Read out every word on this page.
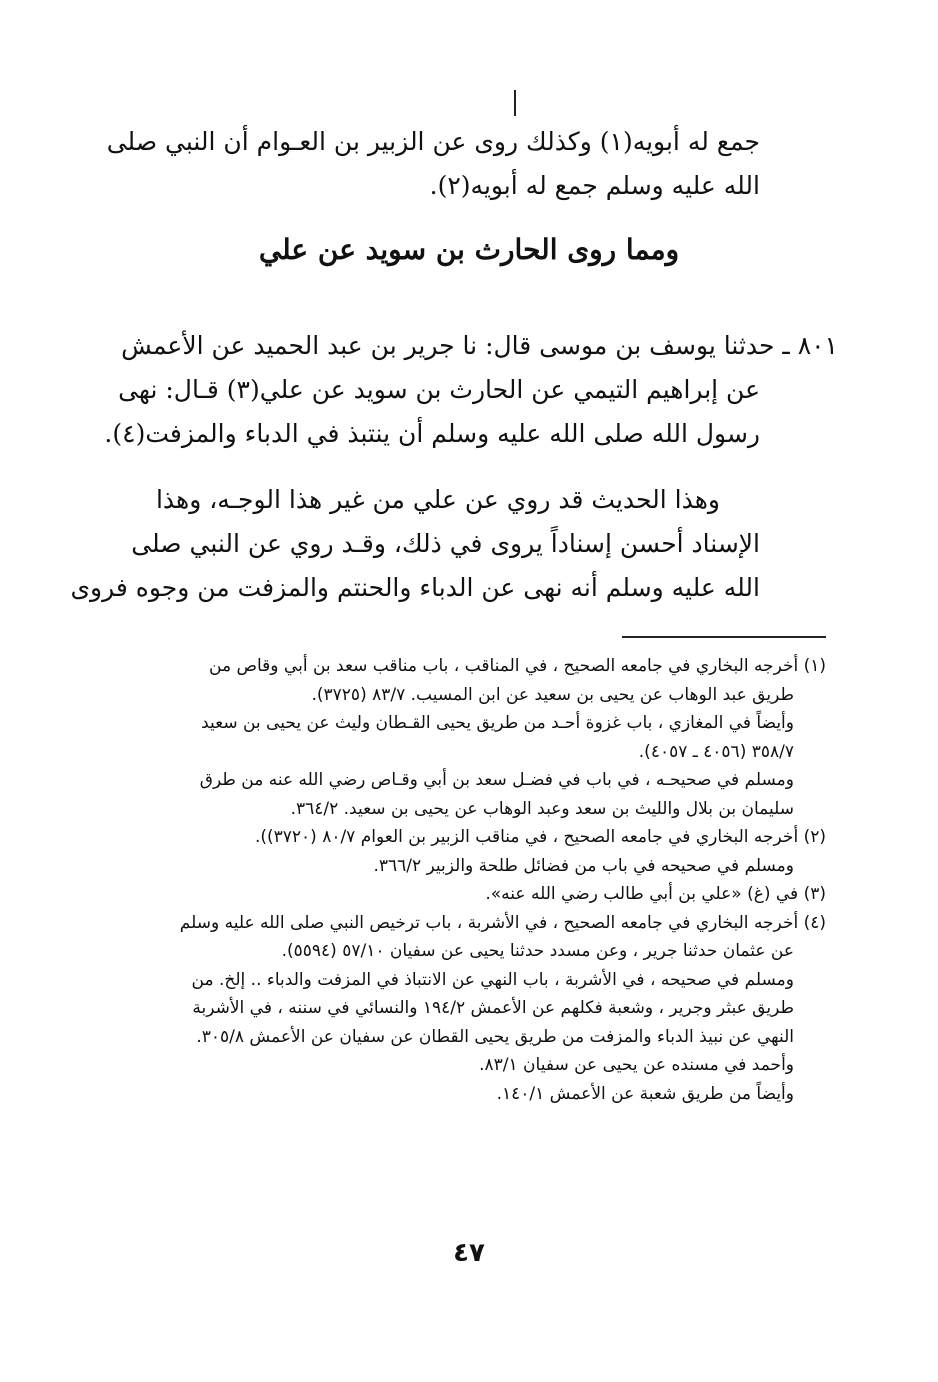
جمع له أبويه(١) وكذلك روى عن الزبير بن العـوام أن النبي صلى
الله عليه وسلم جمع له أبويه(٢).
ومما روى الحارث بن سويد عن علي
٨٠١ ـ حدثنا يوسف بن موسى قال: نا جرير بن عبد الحميد عن الأعمش
عن إبراهيم التيمي عن الحارث بن سويد عن علي(٣) قـال: نهى
رسول الله صلى الله عليه وسلم أن ينتبذ في الدباء والمزفت(٤).
وهذا الحديث قد روي عن علي من غير هذا الوجـه، وهذا
الإسناد أحسن إسناداً يروى في ذلك، وقـد روي عن النبي صلى
الله عليه وسلم أنه نهى عن الدباء والحنتم والمزفت من وجوه فروى
(١) أخرجه البخاري في جامعه الصحيح ، في المناقب ، باب مناقب سعد بن أبي وقاص من
طريق عبد الوهاب عن يحيى بن سعيد عن ابن المسيب. ٨٣/٧ (٣٧٢٥).
وأيضاً في المغازي ، باب غزوة أحـد من طريق يحيى القـطان وليث عن يحيى بن سعيد
٣٥٨/٧ (٤٠٥٦ ـ ٤٠٥٧).
ومسلم في صحيحـه ، في باب في فضـل سعد بن أبي وقـاص رضي الله عنه من طرق
سليمان بن بلال والليث بن سعد وعبد الوهاب عن يحيى بن سعيد. ٣٦٤/٢.
(٢) أخرجه البخاري في جامعه الصحيح ، في مناقب الزبير بن العوام ٨٠/٧ (٣٧٢٠)).
ومسلم في صحيحه في باب من فضائل طلحة والزبير ٣٦٦/٢.
(٣) في (غ) «علي بن أبي طالب رضي الله عنه».
(٤) أخرجه البخاري في جامعه الصحيح ، في الأشربة ، باب ترخيص النبي صلى الله عليه وسلم
عن عثمان حدثنا جرير ، وعن مسدد حدثنا يحيى عن سفيان ٥٧/١٠ (٥٥٩٤).
ومسلم في صحيحه ، في الأشربة ، باب النهي عن الانتباذ في المزفت والدباء .. إلخ. من
طريق عبثر وجرير ، وشعبة فكلهم عن الأعمش ١٩٤/٢ والنسائي في سننه ، في الأشربة
النهي عن نبيذ الدباء والمزفت من طريق يحيى القطان عن سفيان عن الأعمش ٣٠٥/٨.
وأحمد في مسنده عن يحيى عن سفيان ٨٣/١.
وأيضاً من طريق شعبة عن الأعمش ١٤٠/١.
٤٧
